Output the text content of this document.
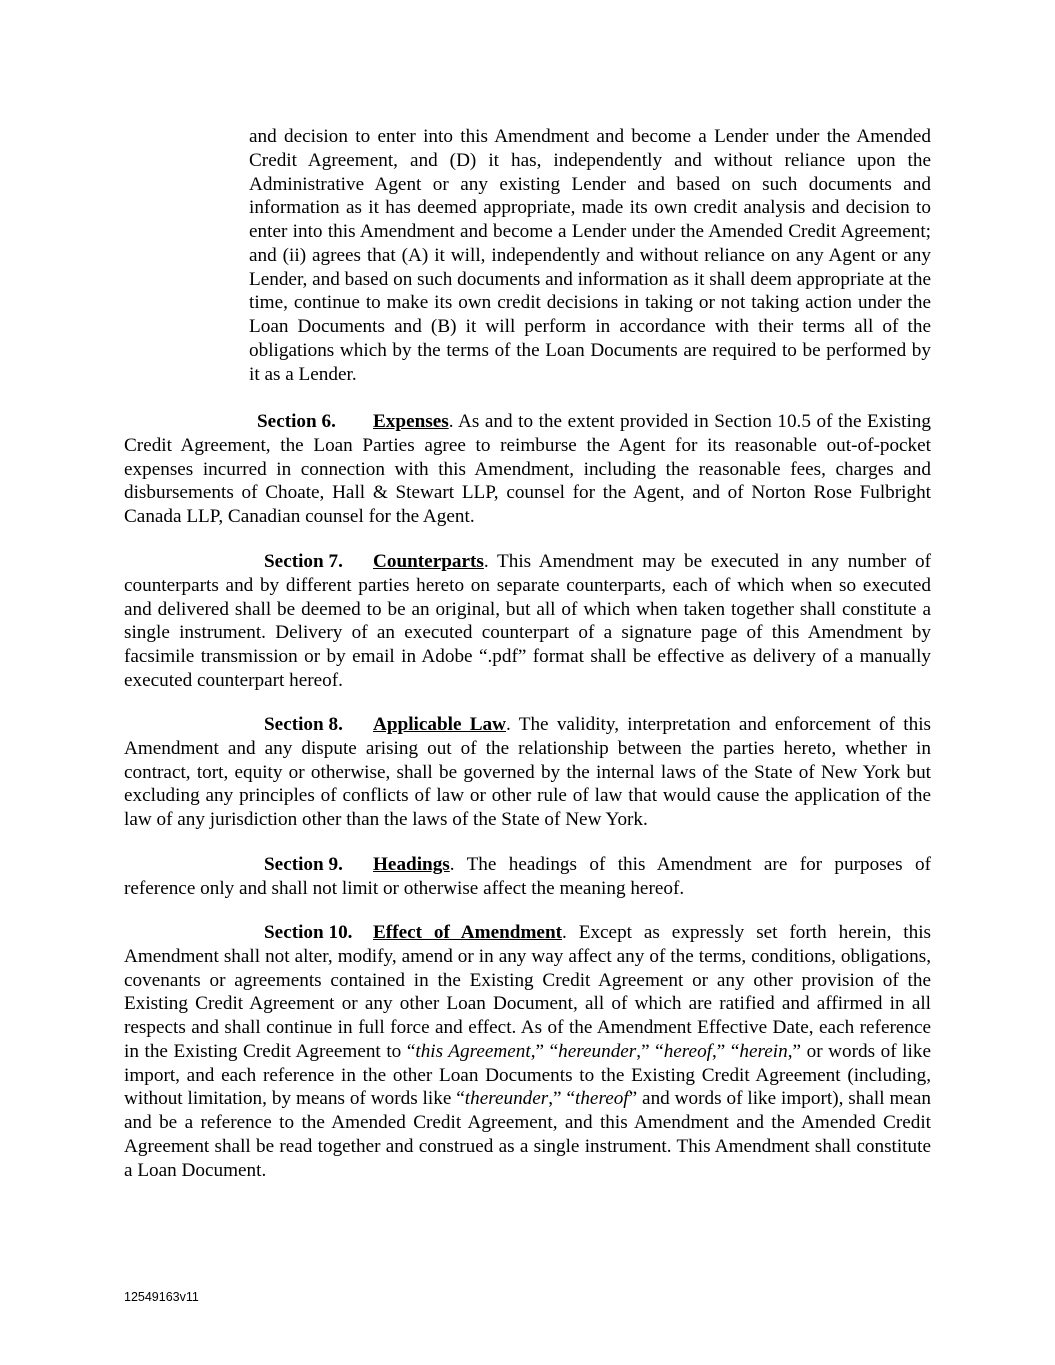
and decision to enter into this Amendment and become a Lender under the Amended Credit Agreement, and (D) it has, independently and without reliance upon the Administrative Agent or any existing Lender and based on such documents and information as it has deemed appropriate, made its own credit analysis and decision to enter into this Amendment and become a Lender under the Amended Credit Agreement; and (ii) agrees that (A) it will, independently and without reliance on any Agent or any Lender, and based on such documents and information as it shall deem appropriate at the time, continue to make its own credit decisions in taking or not taking action under the Loan Documents and (B) it will perform in accordance with their terms all of the obligations which by the terms of the Loan Documents are required to be performed by it as a Lender.
Section 6. Expenses. As and to the extent provided in Section 10.5 of the Existing Credit Agreement, the Loan Parties agree to reimburse the Agent for its reasonable out-of-pocket expenses incurred in connection with this Amendment, including the reasonable fees, charges and disbursements of Choate, Hall & Stewart LLP, counsel for the Agent, and of Norton Rose Fulbright Canada LLP, Canadian counsel for the Agent.
Section 7. Counterparts. This Amendment may be executed in any number of counterparts and by different parties hereto on separate counterparts, each of which when so executed and delivered shall be deemed to be an original, but all of which when taken together shall constitute a single instrument. Delivery of an executed counterpart of a signature page of this Amendment by facsimile transmission or by email in Adobe “.pdf” format shall be effective as delivery of a manually executed counterpart hereof.
Section 8. Applicable Law. The validity, interpretation and enforcement of this Amendment and any dispute arising out of the relationship between the parties hereto, whether in contract, tort, equity or otherwise, shall be governed by the internal laws of the State of New York but excluding any principles of conflicts of law or other rule of law that would cause the application of the law of any jurisdiction other than the laws of the State of New York.
Section 9. Headings. The headings of this Amendment are for purposes of reference only and shall not limit or otherwise affect the meaning hereof.
Section 10. Effect of Amendment. Except as expressly set forth herein, this Amendment shall not alter, modify, amend or in any way affect any of the terms, conditions, obligations, covenants or agreements contained in the Existing Credit Agreement or any other provision of the Existing Credit Agreement or any other Loan Document, all of which are ratified and affirmed in all respects and shall continue in full force and effect. As of the Amendment Effective Date, each reference in the Existing Credit Agreement to “this Agreement,” “hereunder,” “hereof,” “herein,” or words of like import, and each reference in the other Loan Documents to the Existing Credit Agreement (including, without limitation, by means of words like “thereunder,” “thereof” and words of like import), shall mean and be a reference to the Amended Credit Agreement, and this Amendment and the Amended Credit Agreement shall be read together and construed as a single instrument. This Amendment shall constitute a Loan Document.
12549163v11
